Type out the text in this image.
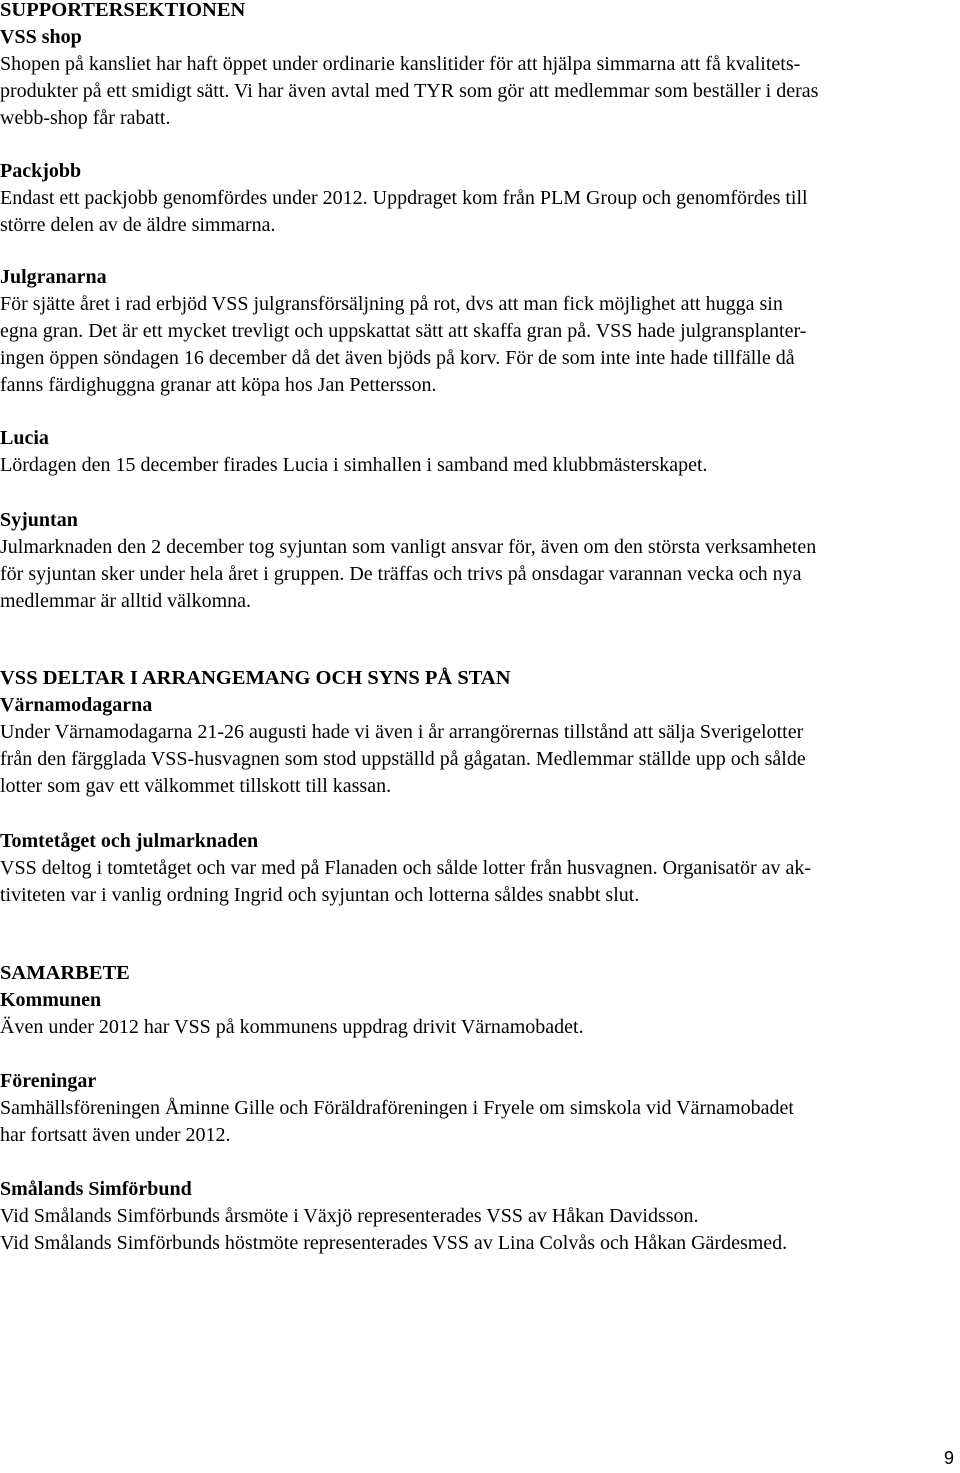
SUPPORTERSEKTIONEN
VSS shop
Shopen på kansliet har haft öppet under ordinarie kanslitider för att hjälpa simmarna att få kvalitets-
produkter på ett smidigt sätt. Vi har även avtal med TYR som gör att medlemmar som beställer i deras
webb-shop får rabatt.
Packjobb
Endast ett packjobb genomfördes under 2012. Uppdraget kom från PLM Group och genomfördes till
större delen av de äldre simmarna.
Julgranarna
För sjätte året i rad erbjöd VSS julgransförsäljning på rot, dvs att man fick möjlighet att hugga sin
egna gran. Det är ett mycket trevligt och uppskattat sätt att skaffa gran på. VSS hade julgransplanter-
ingen öppen söndagen 16 december då det även bjöds på korv. För de som inte inte hade tillfälle då
fanns färdighuggna granar att köpa hos Jan Pettersson.
Lucia
Lördagen den 15 december firades Lucia i simhallen i samband med klubbmästerskapet.
Syjuntan
Julmarknaden den 2 december tog syjuntan som vanligt ansvar för, även om den största verksamheten
för syjuntan sker under hela året i gruppen. De träffas och trivs på onsdagar varannan vecka och nya
medlemmar är alltid välkomna.
VSS DELTAR I ARRANGEMANG OCH SYNS PÅ STAN
Värnamodagarna
Under Värnamodagarna 21-26 augusti hade vi även i år arrangörernas tillstånd att sälja Sverigelotter
från den färgglada VSS-husvagnen som stod uppställd på gågatan. Medlemmar ställde upp och sålde
lotter som gav ett välkommet tillskott till kassan.
Tomtetåget och julmarknaden
VSS deltog i tomtetåget och var med på Flanaden och sålde lotter från husvagnen. Organisatör av ak-
tiviteten var i vanlig ordning Ingrid och syjuntan och lotterna såldes snabbt slut.
SAMARBETE
Kommunen
Även under 2012 har VSS på kommunens uppdrag drivit Värnamobadet.
Föreningar
Samhällsföreningen Åminne Gille och Föräldraföreningen i Fryele om simskola vid Värnamobadet
har fortsatt även under 2012.
Smålands Simförbund
Vid Smålands Simförbunds årsmöte i Växjö representerades VSS av Håkan Davidsson.
Vid Smålands Simförbunds höstmöte representerades VSS av Lina Colvås och Håkan Gärdesmed.
9
